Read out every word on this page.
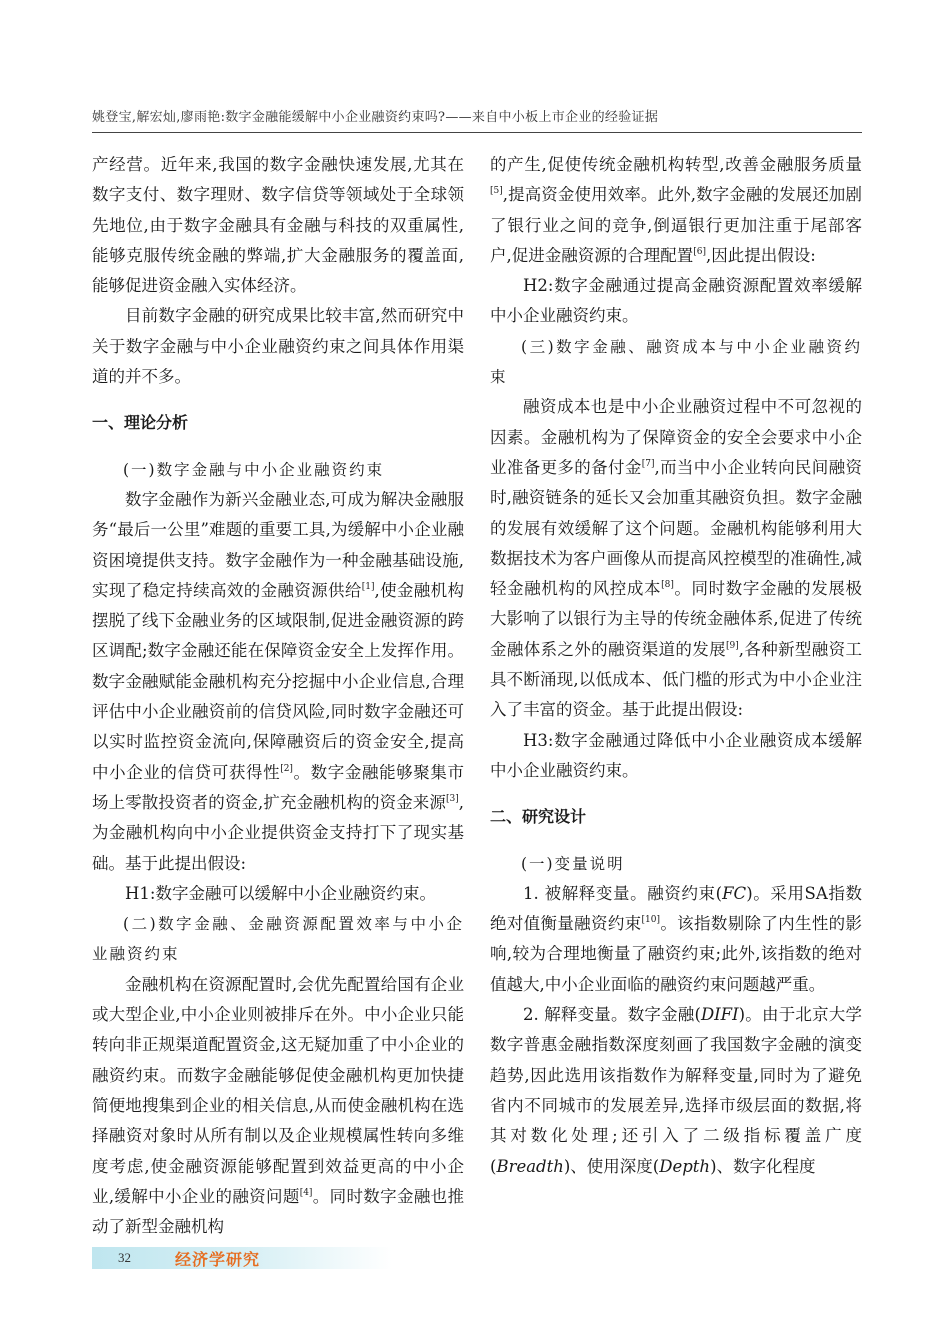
姚登宝,解宏灿,廖雨艳:数字金融能缓解中小企业融资约束吗?——来自中小板上市企业的经验证据

产经营。近年来,我国的数字金融快速发展,尤其在数字支付、数字理财、数字信贷等领域处于全球领先地位,由于数字金融具有金融与科技的双重属性,能够克服传统金融的弊端,扩大金融服务的覆盖面,能够促进资金融入实体经济。

目前数字金融的研究成果比较丰富,然而研究中关于数字金融与中小企业融资约束之间具体作用渠道的并不多。

一、理论分析

(一)数字金融与中小企业融资约束

数字金融作为新兴金融业态,可成为解决金融服务“最后一公里”难题的重要工具,为缓解中小企业融资困境提供支持。数字金融作为一种金融基础设施,实现了稳定持续高效的金融资源供给[1],使金融机构摆脱了线下金融业务的区域限制,促进金融资源的跨区调配;数字金融还能在保障资金安全上发挥作用。数字金融赋能金融机构充分挖掘中小企业信息,合理评估中小企业融资前的信贷风险,同时数字金融还可以实时监控资金流向,保障融资后的资金安全,提高中小企业的信贷可获得性[2]。数字金融能够聚集市场上零散投资者的资金,扩充金融机构的资金来源[3],为金融机构向中小企业提供资金支持打下了现实基础。基于此提出假设:

H1:数字金融可以缓解中小企业融资约束。

(二)数字金融、金融资源配置效率与中小企业融资约束

金融机构在资源配置时,会优先配置给国有企业或大型企业,中小企业则被排斥在外。中小企业只能转向非正规渠道配置资金,这无疑加重了中小企业的融资约束。而数字金融能够促使金融机构更加快捷简便地搜集到企业的相关信息,从而使金融机构在选择融资对象时从所有制以及企业规模属性转向多维度考虑,使金融资源能够配置到效益更高的中小企业,缓解中小企业的融资问题[4]。同时数字金融也推动了新型金融机构

的产生,促使传统金融机构转型,改善金融服务质量[5],提高资金使用效率。此外,数字金融的发展还加剧了银行业之间的竞争,倒逼银行更加注重于尾部客户,促进金融资源的合理配置[6],因此提出假设:

H2:数字金融通过提高金融资源配置效率缓解中小企业融资约束。

(三)数字金融、融资成本与中小企业融资约束

融资成本也是中小企业融资过程中不可忽视的因素。金融机构为了保障资金的安全会要求中小企业准备更多的备付金[7],而当中小企业转向民间融资时,融资链条的延长又会加重其融资负担。数字金融的发展有效缓解了这个问题。金融机构能够利用大数据技术为客户画像从而提高风控模型的准确性,减轻金融机构的风控成本[8]。同时数字金融的发展极大影响了以银行为主导的传统金融体系,促进了传统金融体系之外的融资渠道的发展[9],各种新型融资工具不断涌现,以低成本、低门槛的形式为中小企业注入了丰富的资金。基于此提出假设:

H3:数字金融通过降低中小企业融资成本缓解中小企业融资约束。

二、研究设计

(一)变量说明

1. 被解释变量。融资约束(FC)。采用SA指数绝对值衡量融资约束[10]。该指数剔除了内生性的影响,较为合理地衡量了融资约束;此外,该指数的绝对值越大,中小企业面临的融资约束问题越严重。

2. 解释变量。数字金融(DIFI)。由于北京大学数字普惠金融指数深度刻画了我国数字金融的演变趋势,因此选用该指数作为解释变量,同时为了避免省内不同城市的发展差异,选择市级层面的数据,将其对数化处理;还引入了二级指标覆盖广度(Breadth)、使用深度(Depth)、数字化程度

32	经济学研究
